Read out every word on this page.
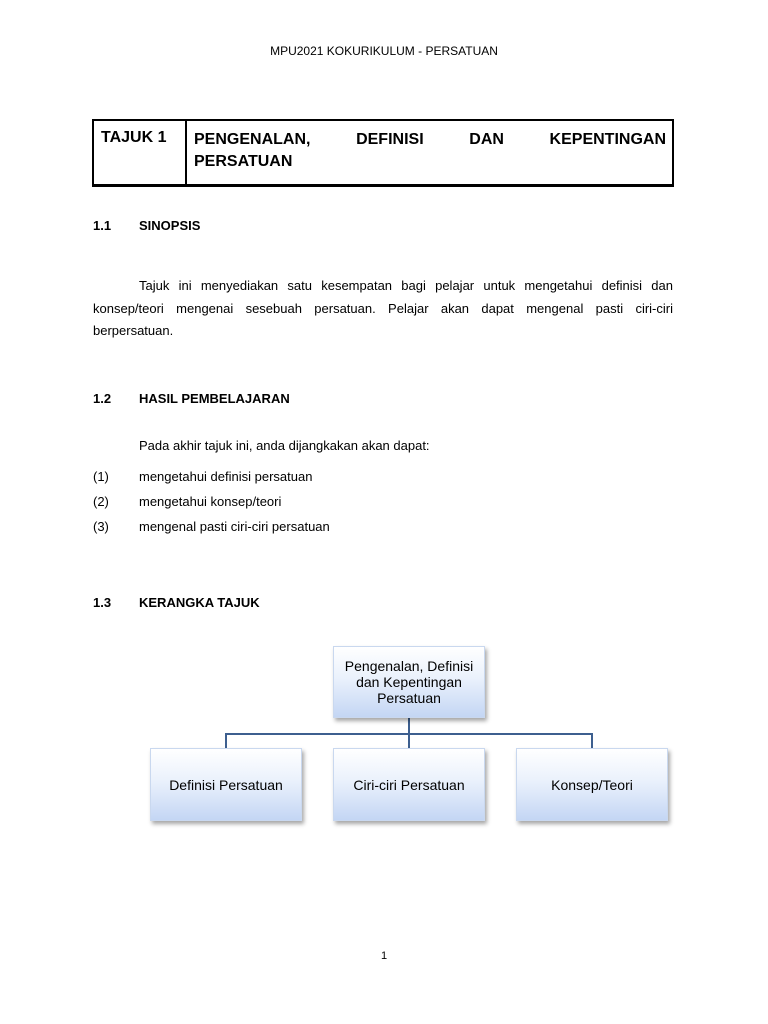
MPU2021 KOKURIKULUM - PERSATUAN
TAJUK 1 PENGENALAN, DEFINISI DAN KEPENTINGAN
PERSATUAN
1.1 SINOPSIS
Tajuk ini menyediakan satu kesempatan bagi pelajar untuk mengetahui definisi dan konsep/teori mengenai sesebuah persatuan. Pelajar akan dapat mengenal pasti ciri-ciri berpersatuan.
1.2 HASIL PEMBELAJARAN
Pada akhir tajuk ini, anda dijangkakan akan dapat:
(1) mengetahui definisi persatuan
(2) mengetahui konsep/teori
(3) mengenal pasti ciri-ciri persatuan
1.3 KERANGKA TAJUK
Pengenalan, Definisi dan Kepentingan Persatuan
Definisi Persatuan	Ciri-ciri Persatuan	Konsep/Teori
1
